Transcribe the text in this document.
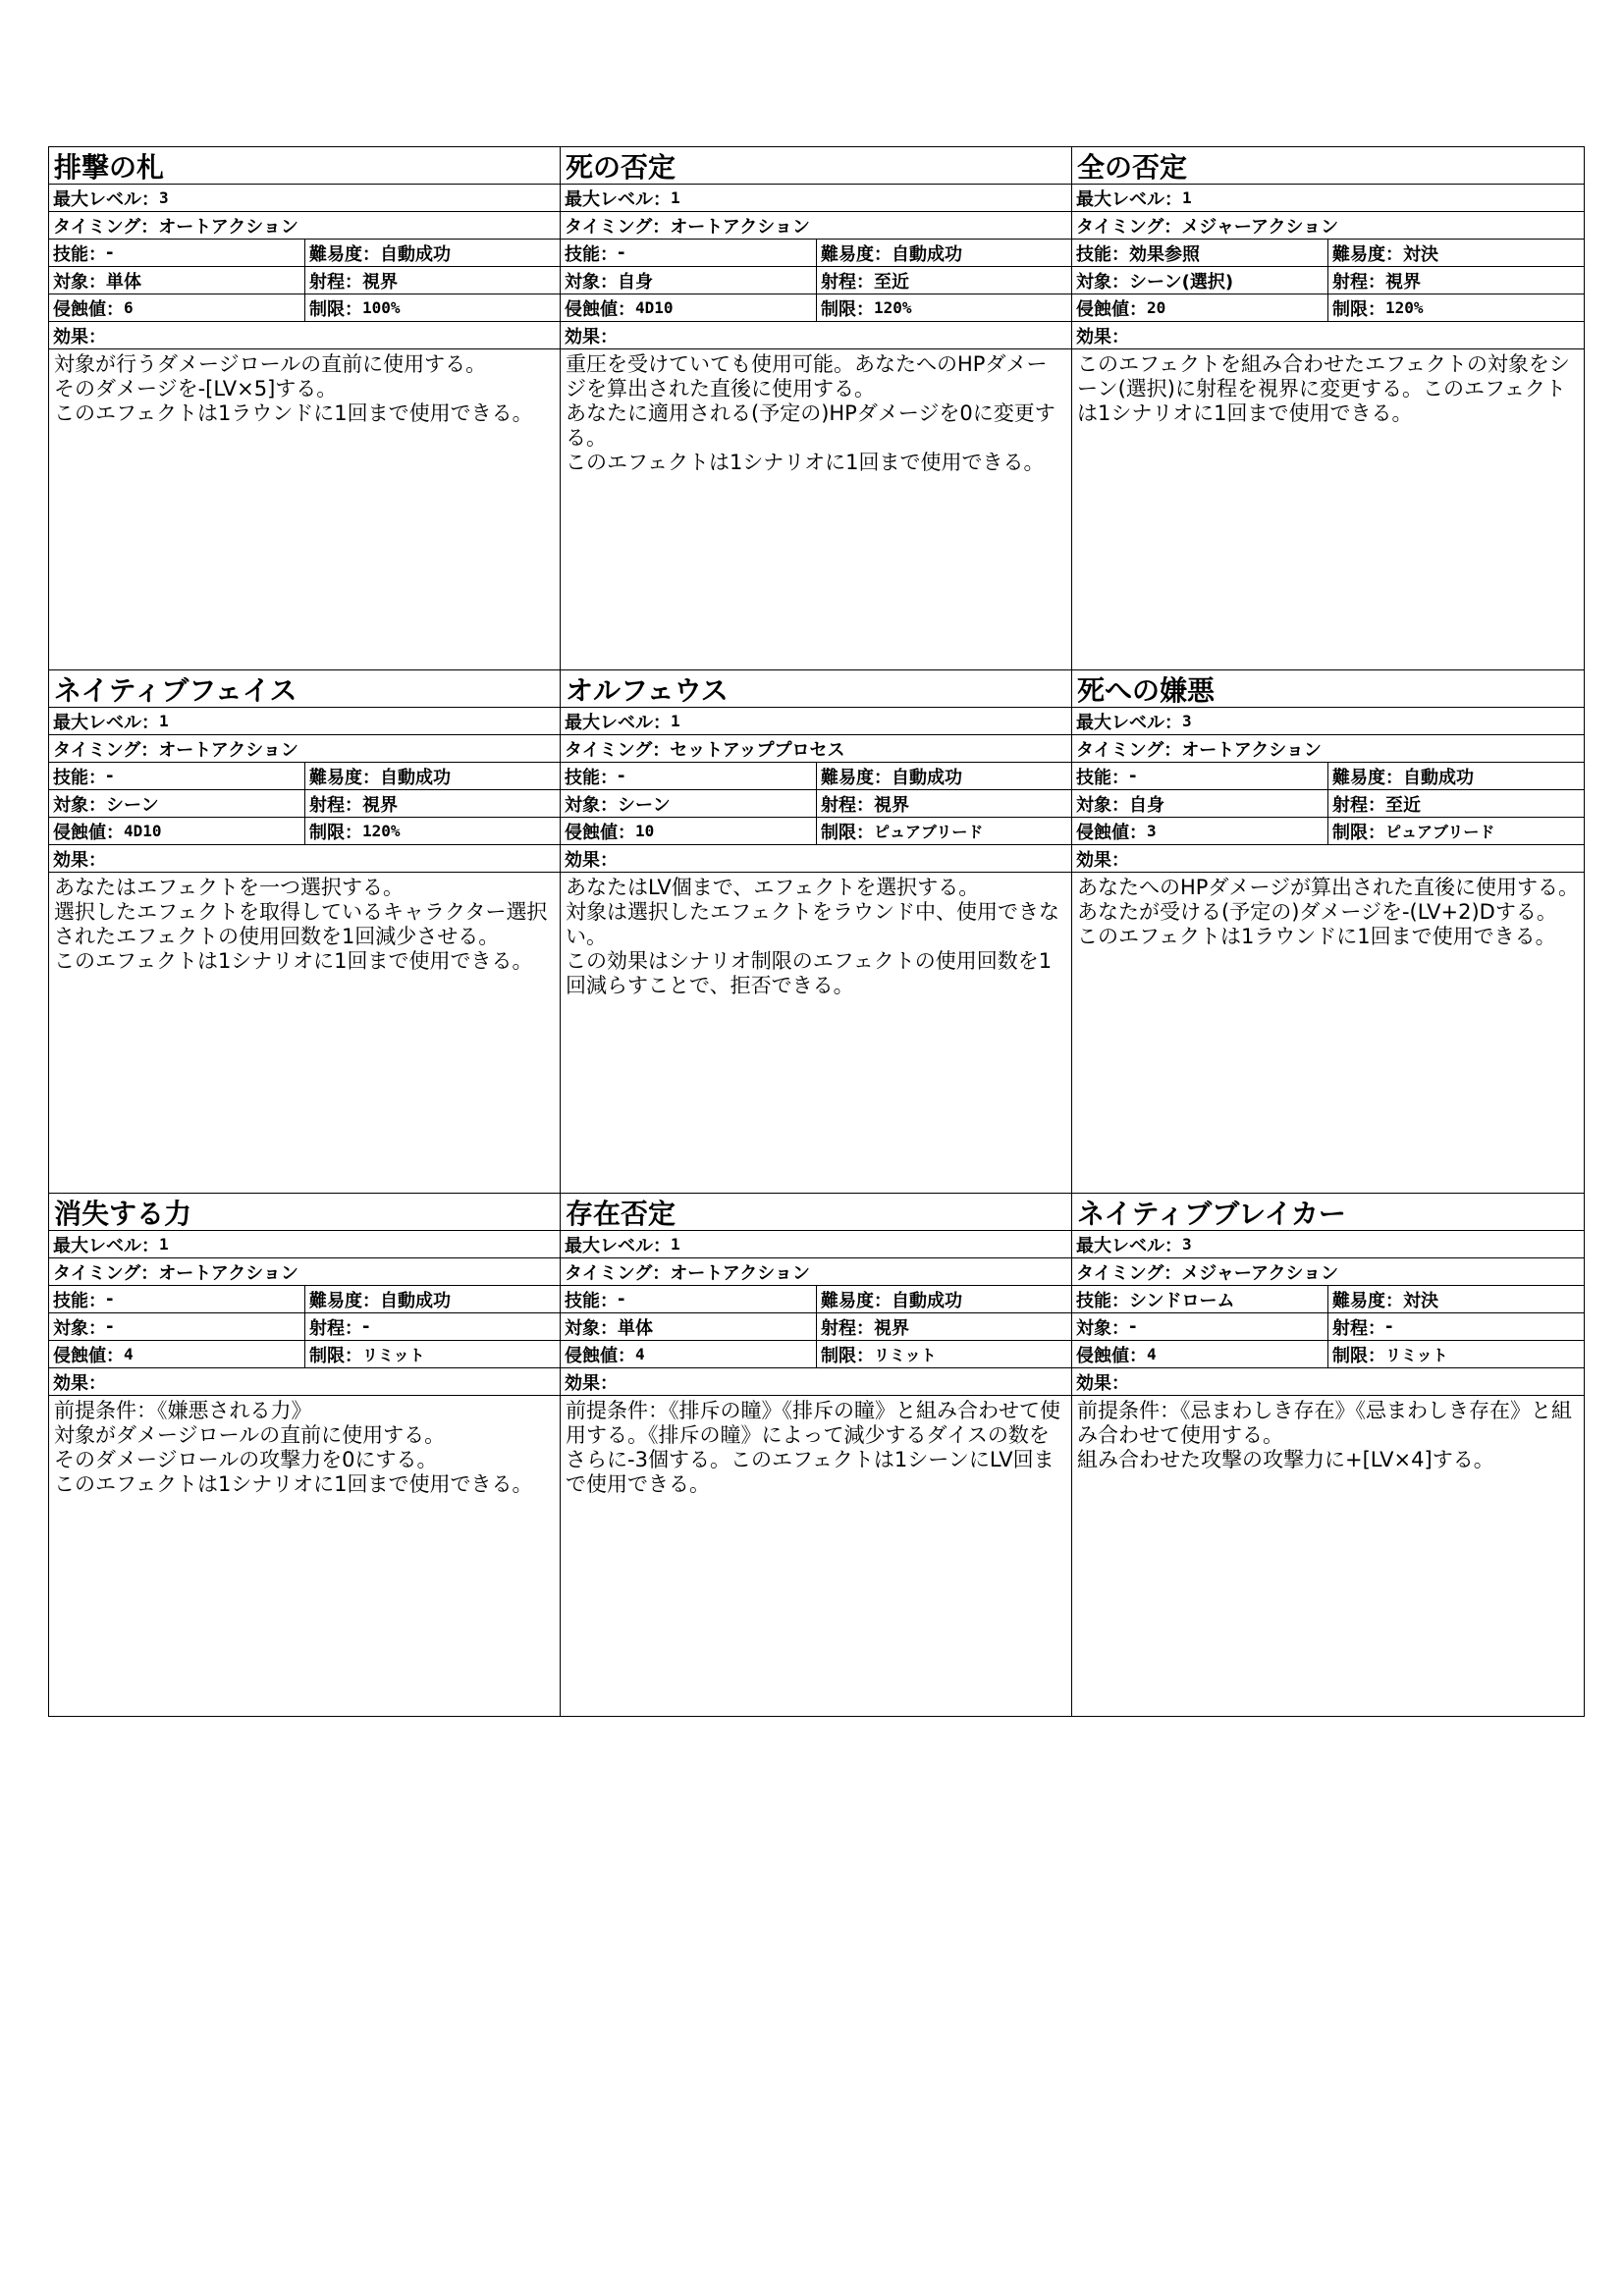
排撃の札
最大レベル： 3
タイミング： オートアクション
技能： -	難易度： 自動成功
対象： 単体	射程： 視界
侵蝕値： 6	制限： 100%
効果：
対象が行うダメージロールの直前に使用する。
そのダメージを-[LV×5]する。
このエフェクトは1ラウンドに1回まで使用できる。
死の否定
最大レベル： 1
タイミング： オートアクション
技能： -	難易度： 自動成功
対象： 自身	射程： 至近
侵蝕値： 4D10	制限： 120%
効果：
重圧を受けていても使用可能。あなたへのHPダメージを算出された直後に使用する。
あなたに適用される(予定の)HPダメージを0に変更する。
このエフェクトは1シナリオに1回まで使用できる。
全の否定
最大レベル： 1
タイミング： メジャーアクション
技能： 効果参照	難易度： 対決
対象： シーン(選択)	射程： 視界
侵蝕値： 20	制限： 120%
効果：
このエフェクトを組み合わせたエフェクトの対象をシーン(選択)に射程を視界に変更する。このエフェクトは1シナリオに1回まで使用できる。
ネイティブフェイス
最大レベル： 1
タイミング： オートアクション
技能： -	難易度： 自動成功
対象： シーン	射程： 視界
侵蝕値： 4D10	制限： 120%
効果：
あなたはエフェクトを一つ選択する。
選択したエフェクトを取得しているキャラクター選択されたエフェクトの使用回数を1回減少させる。
このエフェクトは1シナリオに1回まで使用できる。
オルフェウス
最大レベル： 1
タイミング： セットアッププロセス
技能： -	難易度： 自動成功
対象： シーン	射程： 視界
侵蝕値： 10	制限： ピュアブリード
効果：
あなたはLV個まで、エフェクトを選択する。
対象は選択したエフェクトをラウンド中、使用できない。
この効果はシナリオ制限のエフェクトの使用回数を1回減らすことで、拒否できる。
死への嫌悪
最大レベル： 3
タイミング： オートアクション
技能： -	難易度： 自動成功
対象： 自身	射程： 至近
侵蝕値： 3	制限： ピュアブリード
効果：
あなたへのHPダメージが算出された直後に使用する。あなたが受ける(予定の)ダメージを-(LV+2)Dする。
このエフェクトは1ラウンドに1回まで使用できる。
消失する力
最大レベル： 1
タイミング： オートアクション
技能： -	難易度： 自動成功
対象： -	射程： -
侵蝕値： 4	制限： リミット
効果：
前提条件：《嫌悪される力》
対象がダメージロールの直前に使用する。
そのダメージロールの攻撃力を0にする。
このエフェクトは1シナリオに1回まで使用できる。
存在否定
最大レベル： 1
タイミング： オートアクション
技能： -	難易度： 自動成功
対象： 単体	射程： 視界
侵蝕値： 4	制限： リミット
効果：
前提条件：《排斥の瞳》《排斥の瞳》と組み合わせて使用する。《排斥の瞳》によって減少するダイスの数をさらに-3個する。このエフェクトは1シーンにLV回まで使用できる。
ネイティブブレイカー
最大レベル： 3
タイミング： メジャーアクション
技能： シンドローム	難易度： 対決
対象： -	射程： -
侵蝕値： 4	制限： リミット
効果：
前提条件：《忌まわしき存在》《忌まわしき存在》と組み合わせて使用する。
組み合わせた攻撃の攻撃力に+[LV×4]する。
